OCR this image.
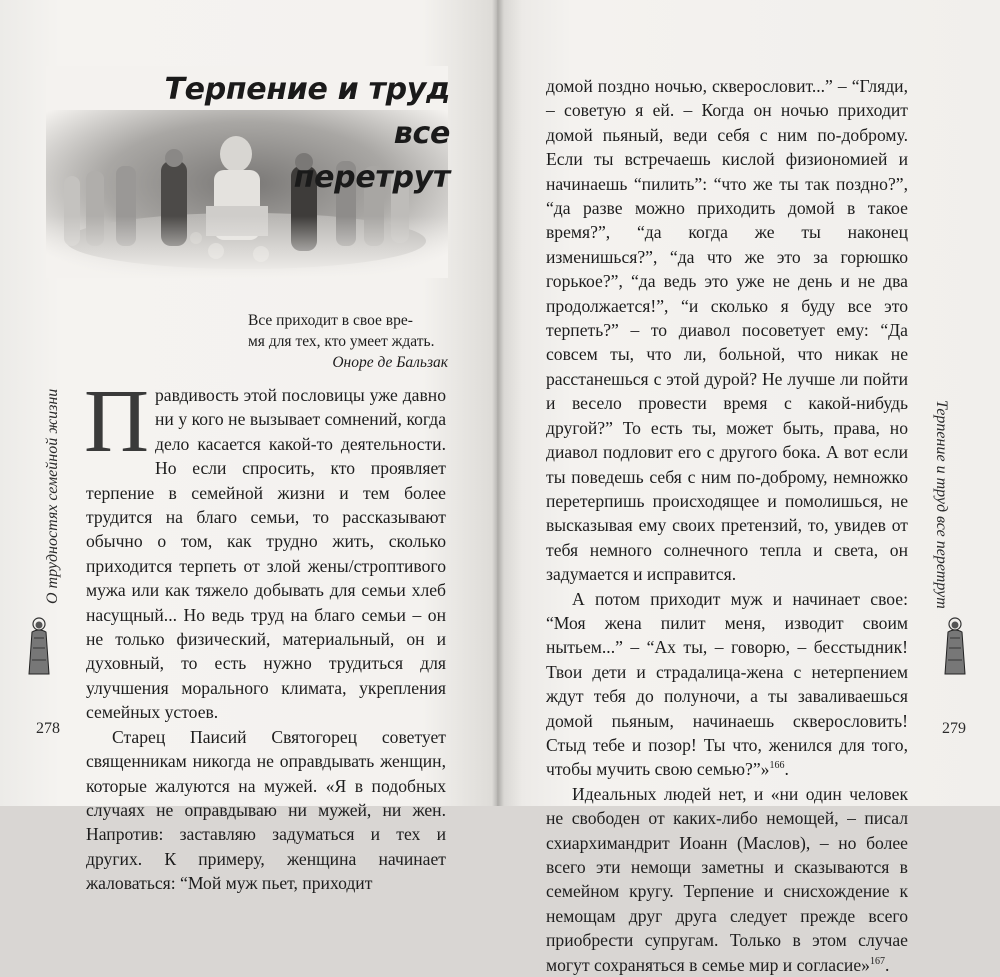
Терпение и труд все
перетрут
Все приходит в свое вре-
мя для тех, кто умеет ждать.
Оноре де Бальзак

Правдивость этой пословицы уже давно ни у кого не вызывает сомнений, когда дело касается какой-то деятельности. Но если спросить, кто проявляет терпение в семейной жизни и тем более трудится на благо семьи, то рассказывают обычно о том, как трудно жить, сколько приходится терпеть от злой жены/строптивого мужа или как тяжело добывать для семьи хлеб насущный... Но ведь труд на благо семьи – он не только физический, материальный, он и духовный, то есть нужно трудиться для улучшения морального климата, укрепления семейных устоев.

Старец Паисий Святогорец советует священникам никогда не оправдывать женщин, которые жалуются на мужей. «Я в подобных случаях не оправдываю ни мужей, ни жен. Напротив: заставляю задуматься и тех и других. К примеру, женщина начинает жаловаться: “Мой муж пьет, приходит

О трудностях семейной жизни
278

домой поздно ночью, скверословит...” – “Гляди, – советую я ей. – Когда он ночью приходит домой пьяный, веди себя с ним по-доброму. Если ты встречаешь кислой физиономией и начинаешь “пилить”: “что же ты так поздно?”, “да разве можно приходить домой в такое время?”, “да когда же ты наконец изменишься?”, “да что же это за горюшко горькое?”, “да ведь это уже не день и не два продолжается!”, “и сколько я буду все это терпеть?” – то диавол посоветует ему: “Да совсем ты, что ли, больной, что никак не расстанешься с этой дурой? Не лучше ли пойти и весело провести время с какой-нибудь другой?” То есть ты, может быть, права, но диавол подловит его с другого бока. А вот если ты поведешь себя с ним по-доброму, немножко перетерпишь происходящее и помолишься, не высказывая ему своих претензий, то, увидев от тебя немного солнечного тепла и света, он задумается и исправится.

А потом приходит муж и начинает свое: “Моя жена пилит меня, изводит своим нытьем...” – “Ах ты, – говорю, – бесстыдник! Твои дети и страдалица-жена с нетерпением ждут тебя до полуночи, а ты заваливаешься домой пьяным, начинаешь скверословить! Стыд тебе и позор! Ты что, женился для того, чтобы мучить свою семью?”»$^{166}$.

Идеальных людей нет, и «ни один человек не свободен от каких-либо немощей, – писал схиархимандрит Иоанн (Маслов), – но более всего эти немощи заметны и сказываются в семейном кругу. Терпение и снисхождение к немощам друг друга следует прежде всего приобрести супругам. Только в этом случае могут сохраняться в семье мир и согласие»$^{167}$.

Терпение и труд все перетрут
279
